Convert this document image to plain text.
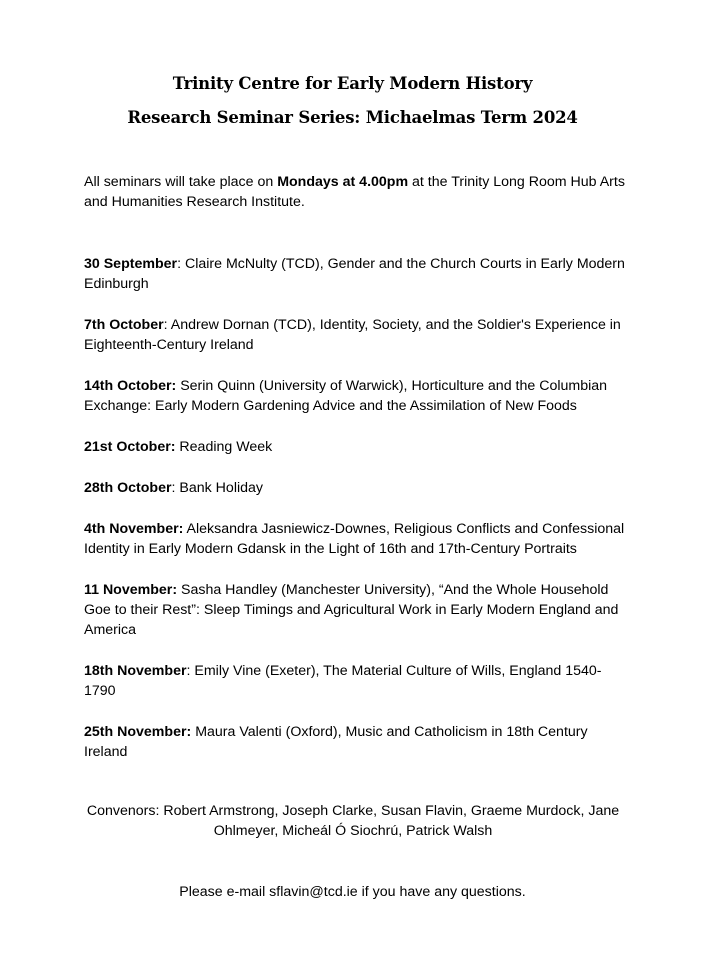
Trinity Centre for Early Modern History
Research Seminar Series: Michaelmas Term 2024

All seminars will take place on Mondays at 4.00pm at the Trinity Long Room Hub Arts and Humanities Research Institute.

30 September: Claire McNulty (TCD), Gender and the Church Courts in Early Modern Edinburgh
7th October: Andrew Dornan (TCD), Identity, Society, and the Soldier's Experience in Eighteenth-Century Ireland
14th October: Serin Quinn (University of Warwick), Horticulture and the Columbian Exchange: Early Modern Gardening Advice and the Assimilation of New Foods
21st October: Reading Week
28th October: Bank Holiday
4th November: Aleksandra Jasniewicz-Downes, Religious Conflicts and Confessional Identity in Early Modern Gdansk in the Light of 16th and 17th-Century Portraits
11 November: Sasha Handley (Manchester University), “And the Whole Household Goe to their Rest”: Sleep Timings and Agricultural Work in Early Modern England and America
18th November: Emily Vine (Exeter), The Material Culture of Wills, England 1540-1790
25th November: Maura Valenti (Oxford), Music and Catholicism in 18th Century Ireland

Convenors: Robert Armstrong, Joseph Clarke, Susan Flavin, Graeme Murdock, Jane Ohlmeyer, Micheál Ó Siochrú, Patrick Walsh

Please e-mail sflavin@tcd.ie if you have any questions.
